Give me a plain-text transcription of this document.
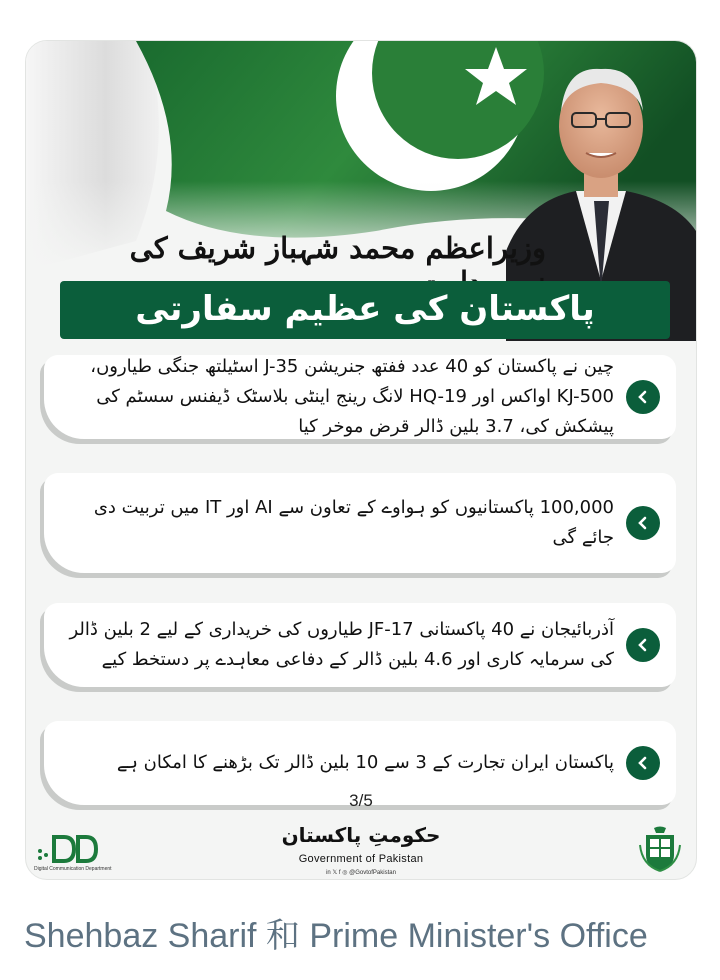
وزیراعظم محمد شہباز شریف کی
پاکستان کی عظیم سفارتی
چین نے پاکستان کو 40 عدد ففتھ جنریشن J-35 اسٹیلتھ جنگی طیاروں، KJ-500 اواکس اور HQ-19 لانگ رینج اینٹی بلاسٹک ڈیفنس سسٹم کی پیشکش کی، 3.7 بلین ڈالر قرض موخر کیا
100,000 پاکستانیوں کو ہواوے کے تعاون سے AI اور IT میں تربیت دی جائے گی
آذربائیجان نے 40 پاکستانی JF-17 طیاروں کی خریداری کے لیے 2 بلین ڈالر کی سرمایہ کاری اور 4.6 بلین ڈالر کے دفاعی معاہدے پر دستخط کیے
پاکستان ایران تجارت کے 3 سے 10 بلین ڈالر تک بڑھنے کا امکان ہے
3/5
Digital Communication Department
حکومتِ پاکستان
Government of Pakistan
in 𝕏 f ◎ @GovtofPakistan
Shehbaz Sharif 和 Prime Minister's Office
